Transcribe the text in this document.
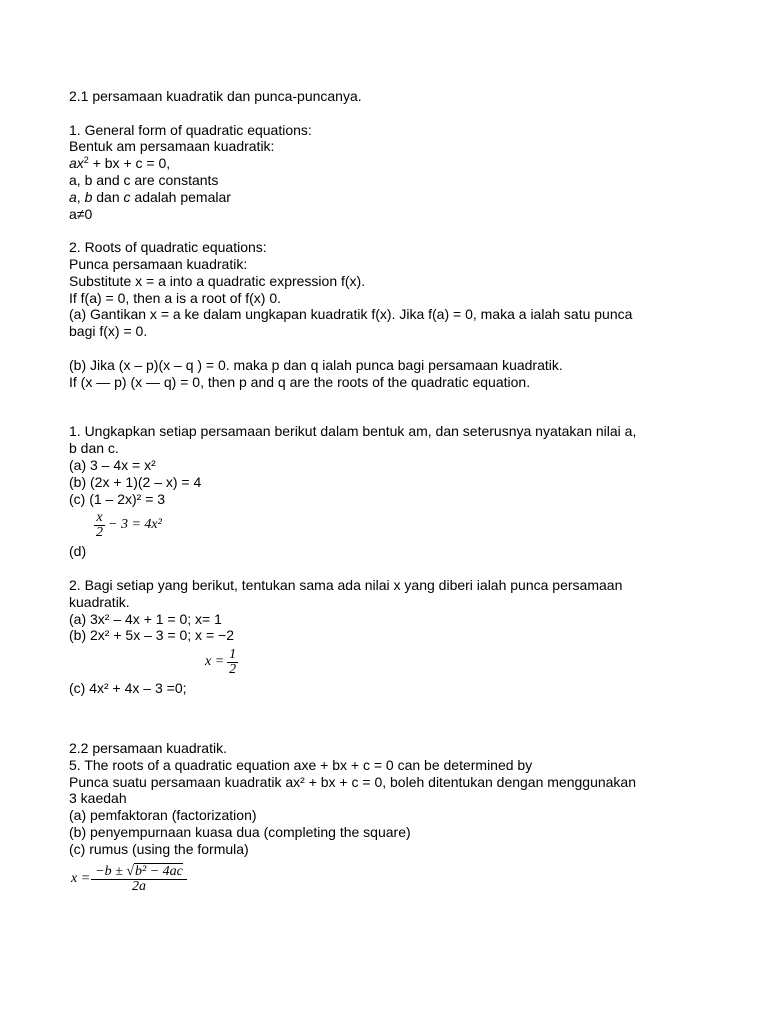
2.1 persamaan kuadratik dan punca-puncanya.
1. General form of quadratic equations:
Bentuk am persamaan kuadratik:
$ax^2$ + bx + c = 0,
a, b and c are constants
a, b dan c adalah pemalar
a≠0
2. Roots of quadratic equations:
Punca persamaan kuadratik:
Substitute x = a into a quadratic expression f(x).
If f(a) = 0, then a is a root of f(x) 0.
(a) Gantikan x = a ke dalam ungkapan kuadratik f(x). Jika f(a) = 0, maka a ialah satu punca
bagi f(x) = 0.
(b) Jika (x – p)(x – q ) = 0. maka p dan q ialah punca bagi persamaan kuadratik.
If (x — p) (x — q) = 0, then p and q are the roots of the quadratic equation.
1. Ungkapkan setiap persamaan berikut dalam bentuk am, dan seterusnya nyatakan nilai a,
b dan c.
(a) 3 – 4x = x²
(b) (2x + 1)(2 – x) = 4
(c) (1 – 2x)² = 3
$\frac{x}{2} - 3 = 4x^2$
(d)
2. Bagi setiap yang berikut, tentukan sama ada nilai x yang diberi ialah punca persamaan
kuadratik.
(a) 3x² – 4x + 1 = 0; x= 1
(b) 2x² + 5x – 3 = 0; x = −2
$x = \frac{1}{2}$
(c) 4x² + 4x – 3 =0;
2.2 persamaan kuadratik.
5. The roots of a quadratic equation axe + bx + c = 0 can be determined by
Punca suatu persamaan kuadratik ax² + bx + c = 0, boleh ditentukan dengan menggunakan
3 kaedah
(a) pemfaktoran (factorization)
(b) penyempurnaan kuasa dua (completing the square)
(c) rumus (using the formula)
$x = \frac{\text{−b ± √b² − 4ac}}{2a}$
